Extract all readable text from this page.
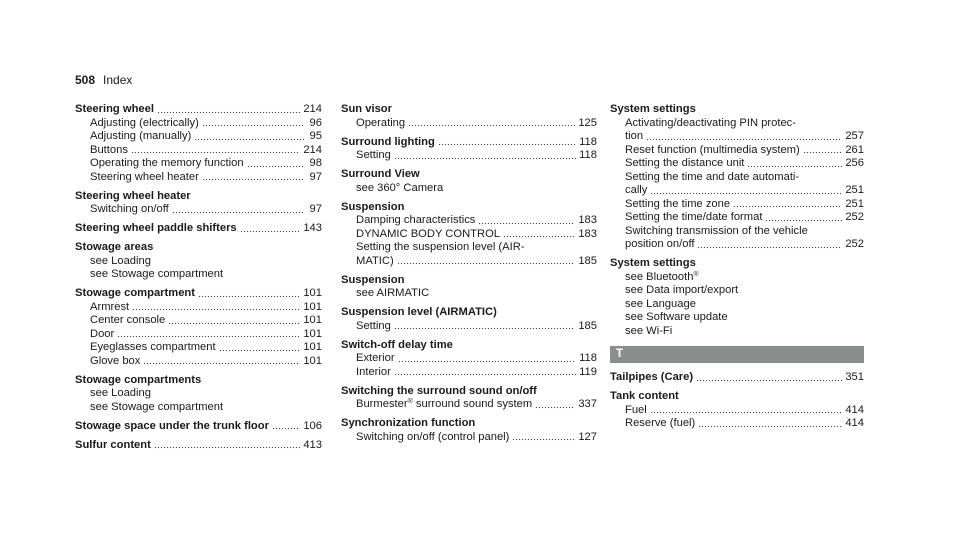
508 Index
Steering wheel	214
Adjusting (electrically)	96
Adjusting (manually)	95
Buttons	214
Operating the memory function	98
Steering wheel heater	97
Steering wheel heater
Switching on/off	97
Steering wheel paddle shifters	143
Stowage areas
see Loading
see Stowage compartment
Stowage compartment	101
Armrest	101
Center console	101
Door	101
Eyeglasses compartment	101
Glove box	101
Stowage compartments
see Loading
see Stowage compartment
Stowage space under the trunk floor	106
Sulfur content	413
Sun visor
Operating	125
Surround lighting	118
Setting	118
Surround View
see 360° Camera
Suspension
Damping characteristics	183
DYNAMIC BODY CONTROL	183
Setting the suspension level (AIR-
MATIC)	185
Suspension
see AIRMATIC
Suspension level (AIRMATIC)
Setting	185
Switch-off delay time
Exterior	118
Interior	119
Switching the surround sound on/off
Burmester® surround sound system	337
Synchronization function
Switching on/off (control panel)	127
System settings
Activating/deactivating PIN protec-
tion	257
Reset function (multimedia system)	261
Setting the distance unit	256
Setting the time and date automati-
cally	251
Setting the time zone	251
Setting the time/date format	252
Switching transmission of the vehicle
position on/off	252
System settings
see Bluetooth®
see Data import/export
see Language
see Software update
see Wi-Fi
T
Tailpipes (Care)	351
Tank content
Fuel	414
Reserve (fuel)	414
